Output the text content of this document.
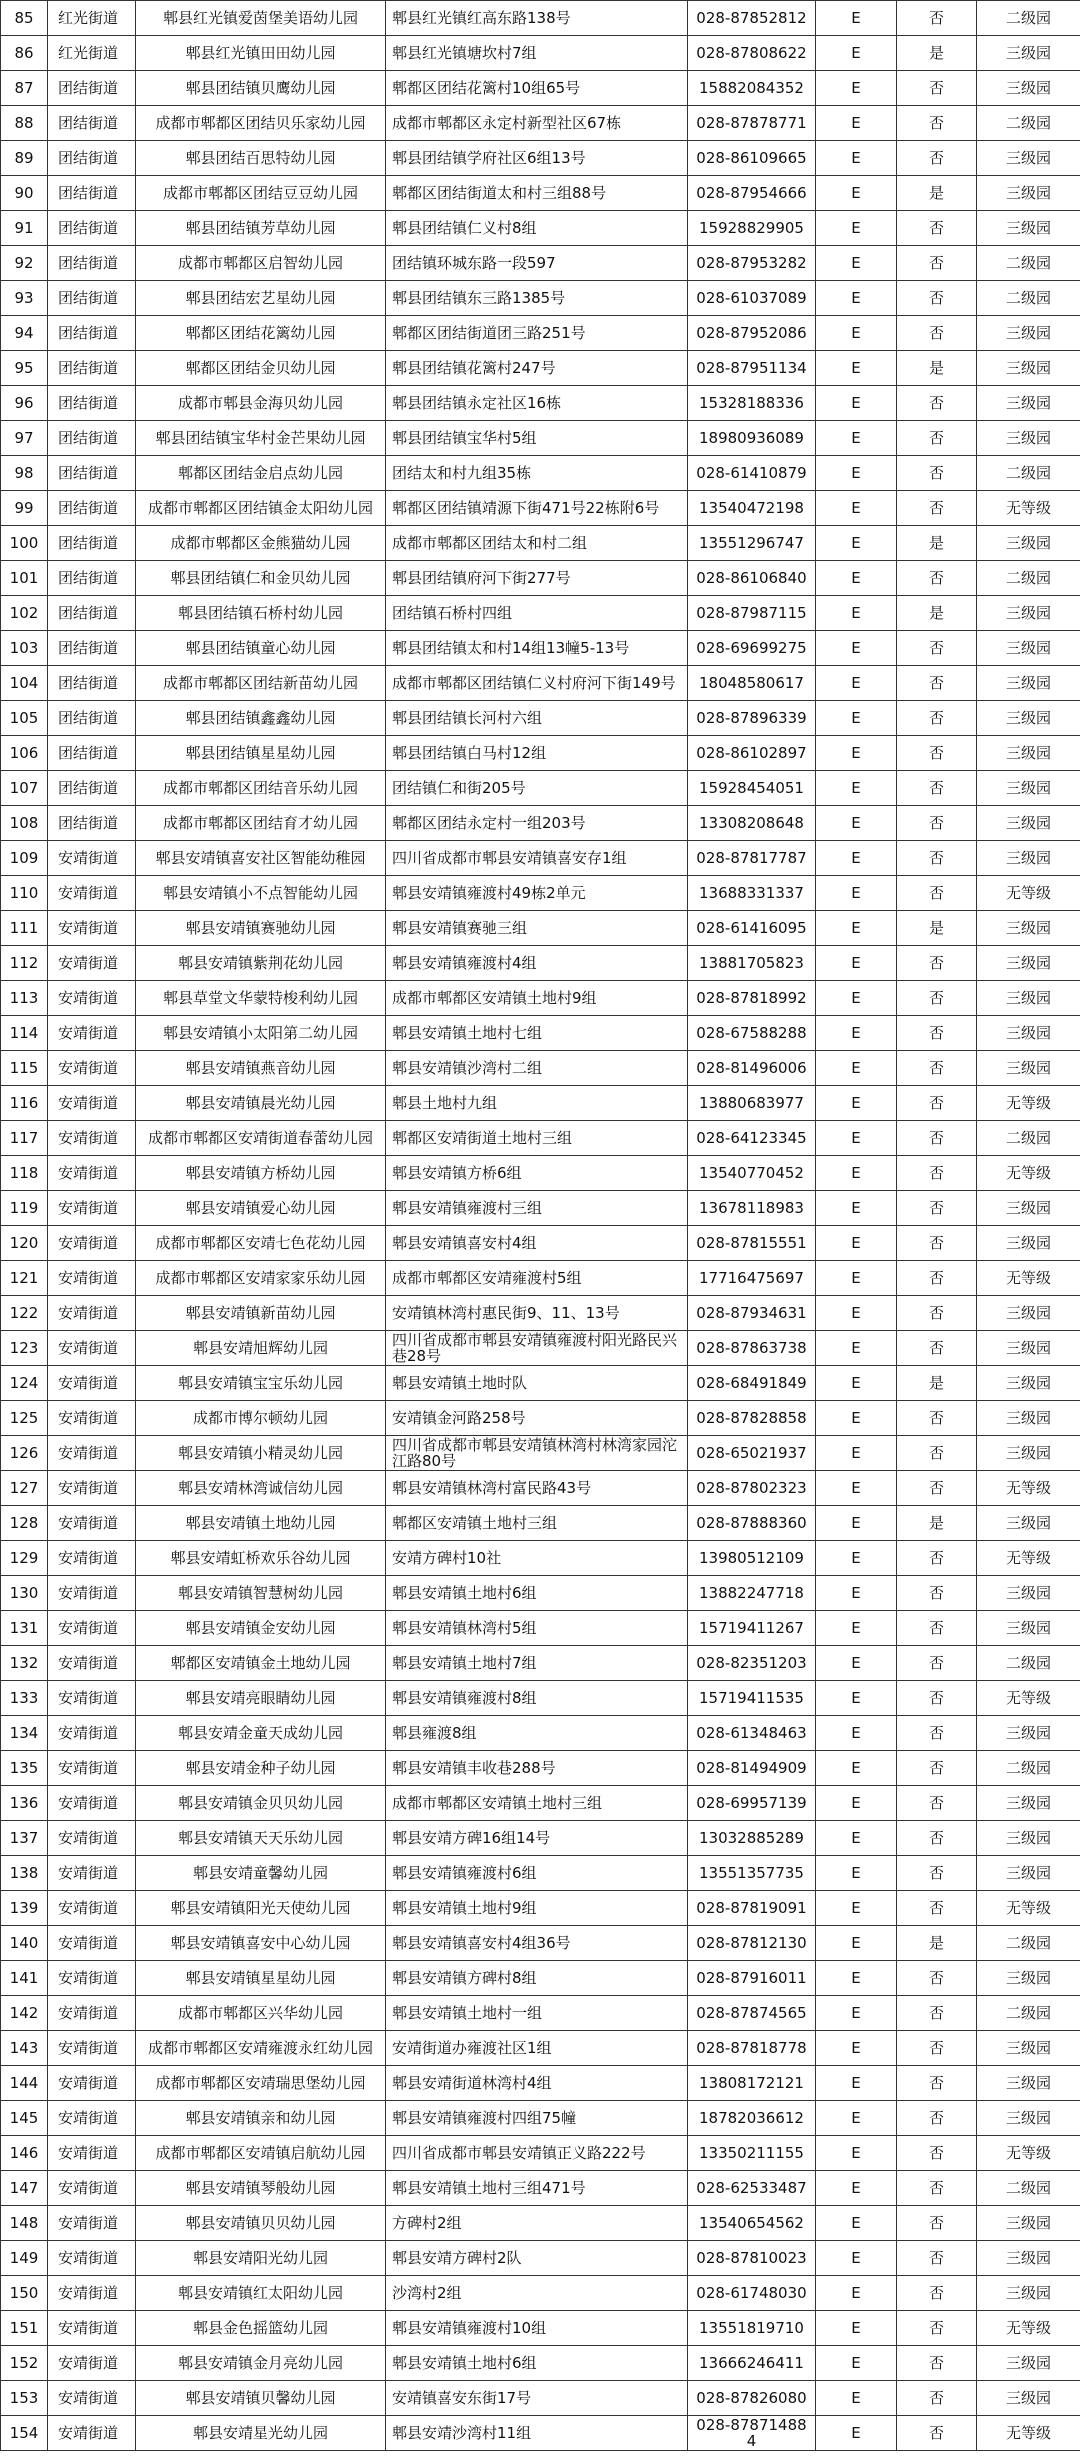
85	红光街道	郫县红光镇爱茵堡美语幼儿园	郫县红光镇红高东路138号	028-87852812	E	否	二级园
86	红光街道	郫县红光镇田田幼儿园	郫县红光镇塘坎村7组	028-87808622	E	是	三级园
87	团结街道	郫县团结镇贝鹰幼儿园	郫都区团结花篱村10组65号	15882084352	E	否	三级园
88	团结街道	成都市郫都区团结贝乐家幼儿园	成都市郫都区永定村新型社区67栋	028-87878771	E	否	二级园
89	团结街道	郫县团结百思特幼儿园	郫县团结镇学府社区6组13号	028-86109665	E	否	三级园
90	团结街道	成都市郫都区团结豆豆幼儿园	郫都区团结街道太和村三组88号	028-87954666	E	是	三级园
91	团结街道	郫县团结镇芳草幼儿园	郫县团结镇仁义村8组	15928829905	E	否	三级园
92	团结街道	成都市郫都区启智幼儿园	团结镇环城东路一段597	028-87953282	E	否	二级园
93	团结街道	郫县团结宏艺星幼儿园	郫县团结镇东三路1385号	028-61037089	E	否	二级园
94	团结街道	郫都区团结花篱幼儿园	郫都区团结街道团三路251号	028-87952086	E	否	三级园
95	团结街道	郫都区团结金贝幼儿园	郫县团结镇花篱村247号	028-87951134	E	是	三级园
96	团结街道	成都市郫县金海贝幼儿园	郫县团结镇永定社区16栋	15328188336	E	否	三级园
97	团结街道	郫县团结镇宝华村金芒果幼儿园	郫县团结镇宝华村5组	18980936089	E	否	三级园
98	团结街道	郫都区团结金启点幼儿园	团结太和村九组35栋	028-61410879	E	否	二级园
99	团结街道	成都市郫都区团结镇金太阳幼儿园	郫都区团结镇靖源下街471号22栋附6号	13540472198	E	否	无等级
100	团结街道	成都市郫都区金熊猫幼儿园	成都市郫都区团结太和村二组	13551296747	E	是	三级园
101	团结街道	郫县团结镇仁和金贝幼儿园	郫县团结镇府河下街277号	028-86106840	E	否	二级园
102	团结街道	郫县团结镇石桥村幼儿园	团结镇石桥村四组	028-87987115	E	是	三级园
103	团结街道	郫县团结镇童心幼儿园	郫县团结镇太和村14组13幢5-13号	028-69699275	E	否	三级园
104	团结街道	成都市郫都区团结新苗幼儿园	成都市郫都区团结镇仁义村府河下街149号	18048580617	E	否	三级园
105	团结街道	郫县团结镇鑫鑫幼儿园	郫县团结镇长河村六组	028-87896339	E	否	三级园
106	团结街道	郫县团结镇星星幼儿园	郫县团结镇白马村12组	028-86102897	E	否	三级园
107	团结街道	成都市郫都区团结音乐幼儿园	团结镇仁和街205号	15928454051	E	否	三级园
108	团结街道	成都市郫都区团结育才幼儿园	郫都区团结永定村一组203号	13308208648	E	否	三级园
109	安靖街道	郫县安靖镇喜安社区智能幼稚园	四川省成都市郫县安靖镇喜安存1组	028-87817787	E	否	三级园
110	安靖街道	郫县安靖镇小不点智能幼儿园	郫县安靖镇雍渡村49栋2单元	13688331337	E	否	无等级
111	安靖街道	郫县安靖镇赛驰幼儿园	郫县安靖镇赛驰三组	028-61416095	E	是	三级园
112	安靖街道	郫县安靖镇紫荆花幼儿园	郫县安靖镇雍渡村4组	13881705823	E	否	三级园
113	安靖街道	郫县草堂文华蒙特梭利幼儿园	成都市郫都区安靖镇土地村9组	028-87818992	E	否	三级园
114	安靖街道	郫县安靖镇小太阳第二幼儿园	郫县安靖镇土地村七组	028-67588288	E	否	三级园
115	安靖街道	郫县安靖镇燕音幼儿园	郫县安靖镇沙湾村二组	028-81496006	E	否	三级园
116	安靖街道	郫县安靖镇晨光幼儿园	郫县土地村九组	13880683977	E	否	无等级
117	安靖街道	成都市郫都区安靖街道春蕾幼儿园	郫都区安靖街道土地村三组	028-64123345	E	否	二级园
118	安靖街道	郫县安靖镇方桥幼儿园	郫县安靖镇方桥6组	13540770452	E	否	无等级
119	安靖街道	郫县安靖镇爱心幼儿园	郫县安靖镇雍渡村三组	13678118983	E	否	三级园
120	安靖街道	成都市郫都区安靖七色花幼儿园	郫县安靖镇喜安村4组	028-87815551	E	否	三级园
121	安靖街道	成都市郫都区安靖家家乐幼儿园	成都市郫都区安靖雍渡村5组	17716475697	E	否	无等级
122	安靖街道	郫县安靖镇新苗幼儿园	安靖镇林湾村惠民街9、11、13号	028-87934631	E	否	三级园
123	安靖街道	郫县安靖旭辉幼儿园	四川省成都市郫县安靖镇雍渡村阳光路民兴巷28号	028-87863738	E	否	三级园
124	安靖街道	郫县安靖镇宝宝乐幼儿园	郫县安靖镇土地时队	028-68491849	E	是	三级园
125	安靖街道	成都市博尔顿幼儿园	安靖镇金河路258号	028-87828858	E	否	三级园
126	安靖街道	郫县安靖镇小精灵幼儿园	四川省成都市郫县安靖镇林湾村林湾家园沱江路80号	028-65021937	E	否	三级园
127	安靖街道	郫县安靖林湾诚信幼儿园	郫县安靖镇林湾村富民路43号	028-87802323	E	否	无等级
128	安靖街道	郫县安靖镇土地幼儿园	郫都区安靖镇土地村三组	028-87888360	E	是	三级园
129	安靖街道	郫县安靖虹桥欢乐谷幼儿园	安靖方碑村10社	13980512109	E	否	无等级
130	安靖街道	郫县安靖镇智慧树幼儿园	郫县安靖镇土地村6组	13882247718	E	否	三级园
131	安靖街道	郫县安靖镇金安幼儿园	郫县安靖镇林湾村5组	15719411267	E	否	三级园
132	安靖街道	郫都区安靖镇金土地幼儿园	郫县安靖镇土地村7组	028-82351203	E	否	二级园
133	安靖街道	郫县安靖亮眼睛幼儿园	郫县安靖镇雍渡村8组	15719411535	E	否	无等级
134	安靖街道	郫县安靖金童天成幼儿园	郫县雍渡8组	028-61348463	E	否	三级园
135	安靖街道	郫县安靖金种子幼儿园	郫县安靖镇丰收巷288号	028-81494909	E	否	二级园
136	安靖街道	郫县安靖镇金贝贝幼儿园	成都市郫都区安靖镇土地村三组	028-69957139	E	否	三级园
137	安靖街道	郫县安靖镇天天乐幼儿园	郫县安靖方碑16组14号	13032885289	E	否	三级园
138	安靖街道	郫县安靖童馨幼儿园	郫县安靖镇雍渡村6组	13551357735	E	否	三级园
139	安靖街道	郫县安靖镇阳光天使幼儿园	郫县安靖镇土地村9组	028-87819091	E	否	无等级
140	安靖街道	郫县安靖镇喜安中心幼儿园	郫县安靖镇喜安村4组36号	028-87812130	E	是	二级园
141	安靖街道	郫县安靖镇星星幼儿园	郫县安靖镇方碑村8组	028-87916011	E	否	三级园
142	安靖街道	成都市郫都区兴华幼儿园	郫县安靖镇土地村一组	028-87874565	E	否	二级园
143	安靖街道	成都市郫都区安靖雍渡永红幼儿园	安靖街道办雍渡社区1组	028-87818778	E	否	三级园
144	安靖街道	成都市郫都区安靖瑞思堡幼儿园	郫县安靖街道林湾村4组	13808172121	E	否	三级园
145	安靖街道	郫县安靖镇亲和幼儿园	郫县安靖镇雍渡村四组75幢	18782036612	E	否	三级园
146	安靖街道	成都市郫都区安靖镇启航幼儿园	四川省成都市郫县安靖镇正义路222号	13350211155	E	否	无等级
147	安靖街道	郫县安靖镇琴般幼儿园	郫县安靖镇土地村三组471号	028-62533487	E	否	二级园
148	安靖街道	郫县安靖镇贝贝幼儿园	方碑村2组	13540654562	E	否	三级园
149	安靖街道	郫县安靖阳光幼儿园	郫县安靖方碑村2队	028-87810023	E	否	三级园
150	安靖街道	郫县安靖镇红太阳幼儿园	沙湾村2组	028-61748030	E	否	三级园
151	安靖街道	郫县金色摇篮幼儿园	郫县安靖镇雍渡村10组	13551819710	E	否	无等级
152	安靖街道	郫县安靖镇金月亮幼儿园	郫县安靖镇土地村6组	13666246411	E	否	三级园
153	安靖街道	郫县安靖镇贝馨幼儿园	安靖镇喜安东街17号	028-87826080	E	否	三级园
154	安靖街道	郫县安靖星光幼儿园	郫县安靖沙湾村11组	028-878714884	E	否	无等级
